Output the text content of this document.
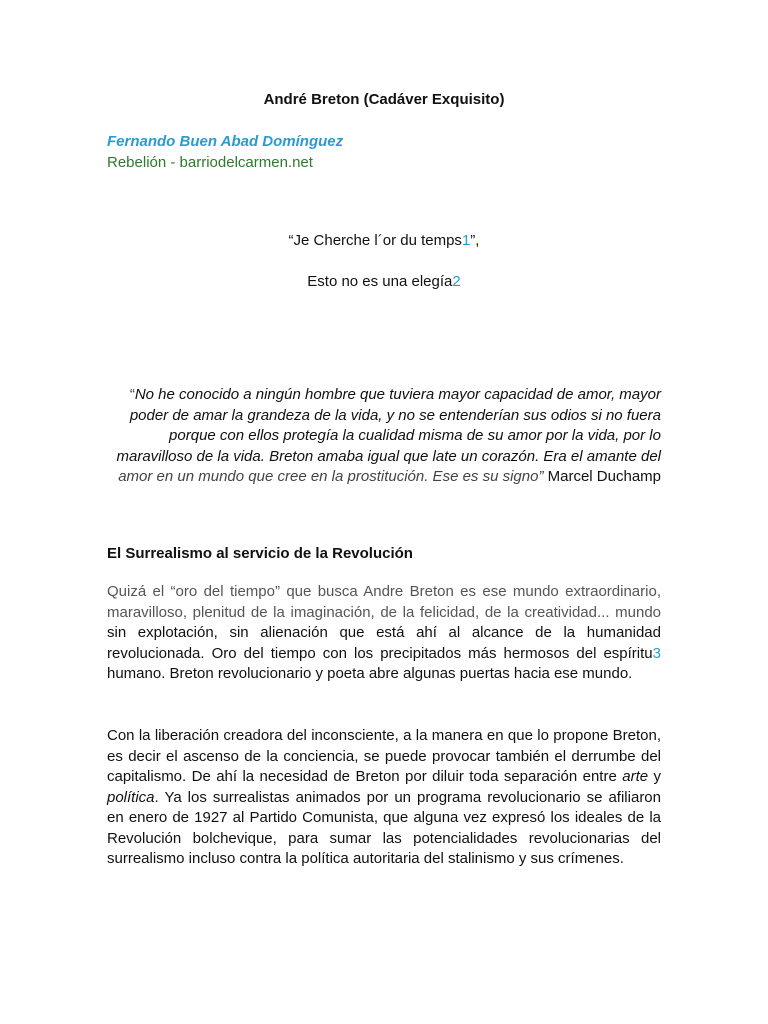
André Breton (Cadáver Exquisito)
Fernando Buen Abad Domínguez
Rebelión - barriodelcarmen.net
“Je Cherche l´or du temps1”,
Esto no es una elegía2
“No he conocido a ningún hombre que tuviera mayor capacidad de amor, mayor poder de amar la grandeza de la vida, y no se entenderían sus odios si no fuera porque con ellos protegía la cualidad misma de su amor por la vida, por lo maravilloso de la vida. Breton amaba igual que late un corazón. Era el amante del amor en un mundo que cree en la prostitución. Ese es su signo” Marcel Duchamp
El Surrealismo al servicio de la Revolución
Quizá el “oro del tiempo” que busca Andre Breton es ese mundo extraordinario, maravilloso, plenitud de la imaginación, de la felicidad, de la creatividad... mundo sin explotación, sin alienación que está ahí al alcance de la humanidad revolucionada. Oro del tiempo con los precipitados más hermosos del espíritu3 humano. Breton revolucionario y poeta abre algunas puertas hacia ese mundo.
Con la liberación creadora del inconsciente, a la manera en que lo propone Breton, es decir el ascenso de la conciencia, se puede provocar también el derrumbe del capitalismo. De ahí la necesidad de Breton por diluir toda separación entre arte y política. Ya los surrealistas animados por un programa revolucionario se afiliaron en enero de 1927 al Partido Comunista, que alguna vez expresó los ideales de la Revolución bolchevique, para sumar las potencialidades revolucionarias del surrealismo incluso contra la política autoritaria del stalinismo y sus crímenes.
